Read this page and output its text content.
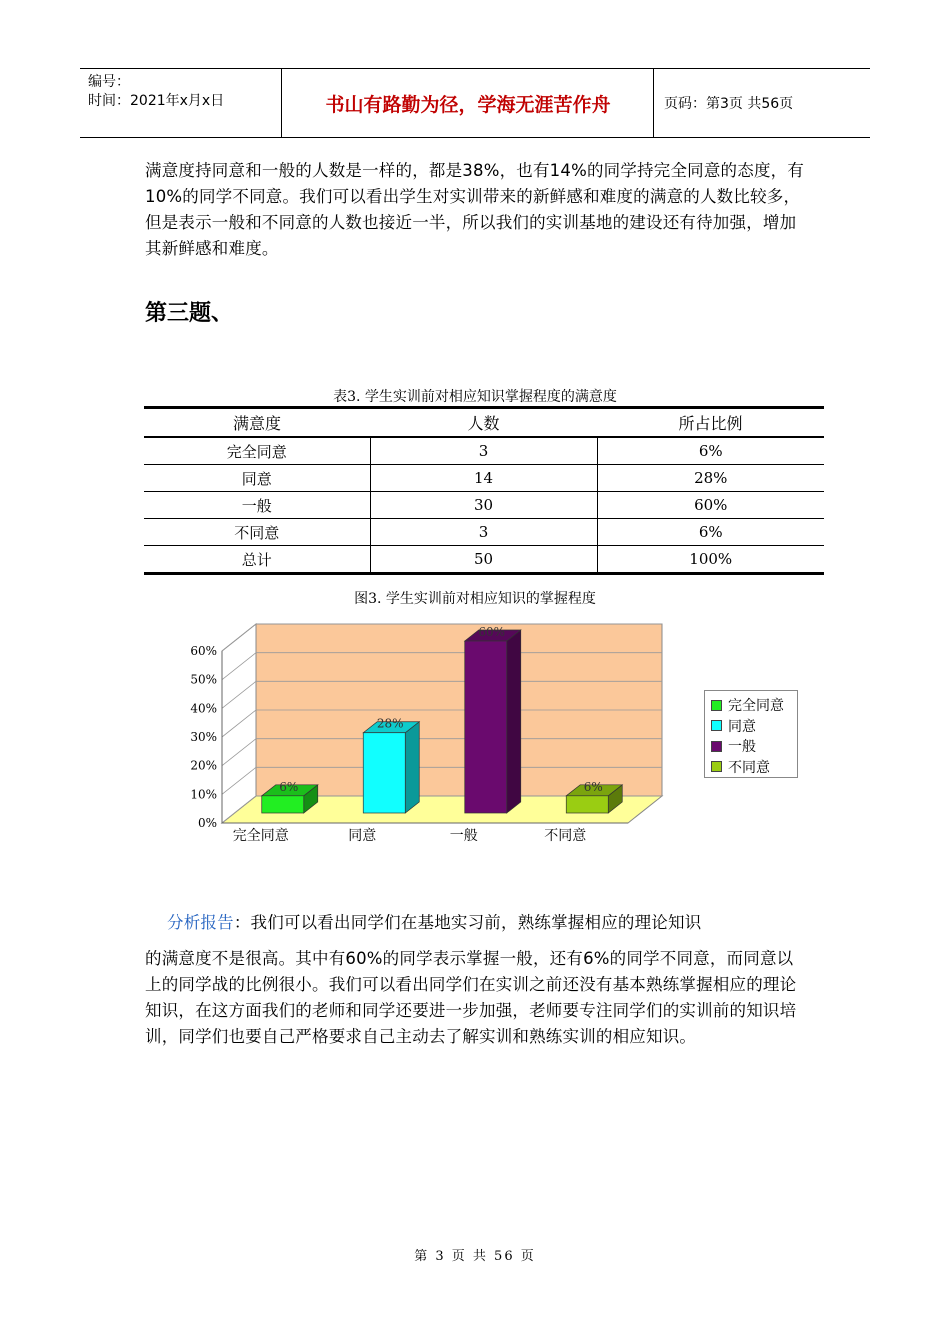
编号：
时间：2021年x月x日	书山有路勤为径，学海无涯苦作舟	页码：第3页 共56页
满意度持同意和一般的人数是一样的，都是38%，也有14%的同学持完全同意的态度，有10%的同学不同意。我们可以看出学生对实训带来的新鲜感和难度的满意的人数比较多，但是表示一般和不同意的人数也接近一半，所以我们的实训基地的建设还有待加强，增加其新鲜感和难度。
第三题、
表3. 学生实训前对相应知识掌握程度的满意度
满意度	人数	所占比例
完全同意	3	6%
同意	14	28%
一般	30	60%
不同意	3	6%
总计	50	100%
图3. 学生实训前对相应知识的掌握程度
0%
10%
20%
30%
40%
50%
60%
6%
完全同意
28%
同意
60%
一般
6%
不同意
完全同意
同意
一般
不同意
分析报告：我们可以看出同学们在基地实习前，熟练掌握相应的理论知识
的满意度不是很高。其中有60%的同学表示掌握一般，还有6%的同学不同意，而同意以上的同学战的比例很小。我们可以看出同学们在实训之前还没有基本熟练掌握相应的理论知识，在这方面我们的老师和同学还要进一步加强，老师要专注同学们的实训前的知识培训，同学们也要自己严格要求自己主动去了解实训和熟练实训的相应知识。
第 3 页 共 56 页
